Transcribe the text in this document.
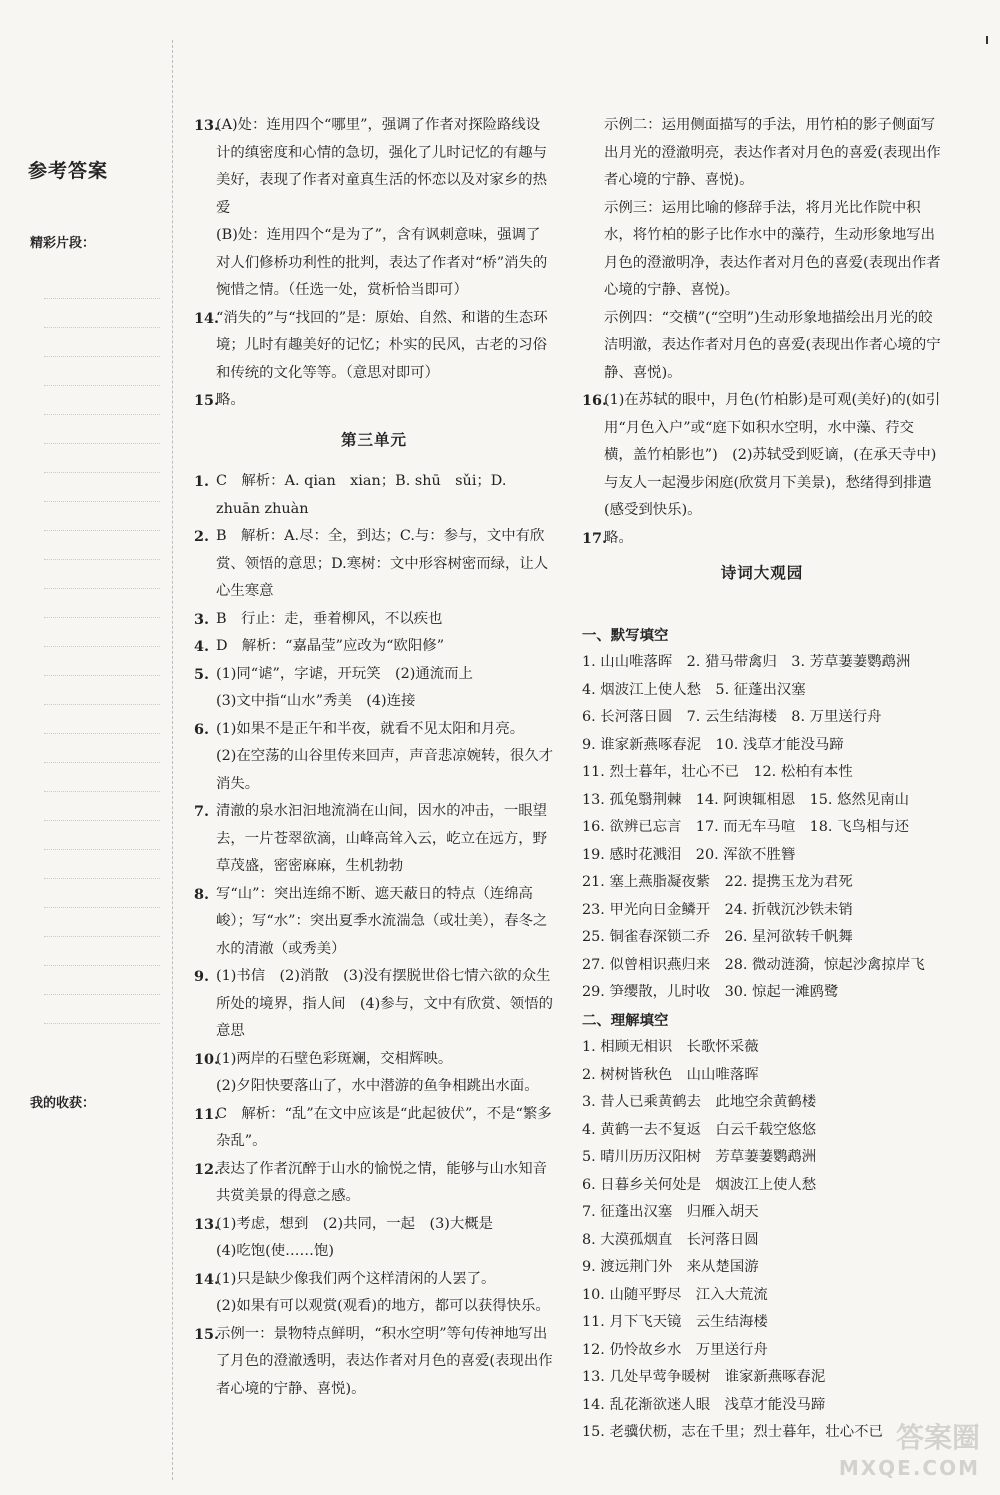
参考答案
精彩片段：
我的收获：
13.
(A)处：连用四个“哪里”，强调了作者对探险路线设计的缜密度和心情的急切，强化了儿时记忆的有趣与美好，表现了作者对童真生活的怀恋以及对家乡的热爱
(B)处：连用四个“是为了”，含有讽刺意味，强调了对人们修桥功利性的批判，表达了作者对“桥”消失的惋惜之情。（任选一处，赏析恰当即可）
14.
“消失的”与“找回的”是：原始、自然、和谐的生态环境；儿时有趣美好的记忆；朴实的民风，古老的习俗和传统的文化等等。（意思对即可）
15.
略。
第三单元
1. C　解析：A. qian　xian；B. shū　sǔi；D. zhuān zhuàn
2. B　解析：A.尽：全，到达；C.与：参与，文中有欣赏、领悟的意思；D.寒树：文中形容树密而绿，让人心生寒意
3. B　行止：走，垂着柳风，不以疾也
4. D　解析：“嘉晶莹”应改为“欧阳修”
5. (1)同“谑”，字谑，开玩笑　(2)通流而上
(3)文中指“山水”秀美　(4)连接
6. (1)如果不是正午和半夜，就看不见太阳和月亮。
(2)在空荡的山谷里传来回声，声音悲凉婉转，很久才消失。
7. 清澈的泉水汩汩地流淌在山间，因水的冲击，一眼望去，一片苍翠欲滴，山峰高耸入云，屹立在远方，野草茂盛，密密麻麻，生机勃勃
8. 写“山”：突出连绵不断、遮天蔽日的特点（连绵高峻）；写“水”：突出夏季水流湍急（或壮美），春冬之水的清澈（或秀美）
9. (1)书信　(2)消散　(3)没有摆脱世俗七情六欲的众生所处的境界，指人间　(4)参与，文中有欣赏、领悟的意思
10.
(1)两岸的石壁色彩斑斓，交相辉映。
(2)夕阳快要落山了，水中潜游的鱼争相跳出水面。
11.
C　解析：“乱”在文中应该是“此起彼伏”，不是“繁多杂乱”。
12.
表达了作者沉醉于山水的愉悦之情，能够与山水知音共赏美景的得意之感。
13.
(1)考虑，想到　(2)共同，一起　(3)大概是
(4)吃饱(使……饱)
14.
(1)只是缺少像我们两个这样清闲的人罢了。
(2)如果有可以观赏(观看)的地方，都可以获得快乐。
15.
示例一：景物特点鲜明，“积水空明”等句传神地写出了月色的澄澈透明，表达作者对月色的喜爱(表现出作者心境的宁静、喜悦)。
示例二：运用侧面描写的手法，用竹柏的影子侧面写出月光的澄澈明亮，表达作者对月色的喜爱(表现出作者心境的宁静、喜悦)。
示例三：运用比喻的修辞手法，将月光比作院中积水，将竹柏的影子比作水中的藻荇，生动形象地写出月色的澄澈明净，表达作者对月色的喜爱(表现出作者心境的宁静、喜悦)。
示例四：“交横”(“空明”)生动形象地描绘出月光的皎洁明澈，表达作者对月色的喜爱(表现出作者心境的宁静、喜悦)。
16.
(1)在苏轼的眼中，月色(竹柏影)是可观(美好)的(如引用“月色入户”或“庭下如积水空明，水中藻、荇交横，盖竹柏影也”)　(2)苏轼受到贬谪，(在承天寺中)与友人一起漫步闲庭(欣赏月下美景)，愁绪得到排遣(感受到快乐)。
17.
略。
诗词大观园
一、默写填空
1. 山山唯落晖　2. 猎马带禽归　3. 芳草萋萋鹦鹉洲
4. 烟波江上使人愁　5. 征蓬出汉塞
6. 长河落日圆　7. 云生结海楼　8. 万里送行舟
9. 谁家新燕啄春泥　10. 浅草才能没马蹄
11. 烈士暮年，壮心不已　12. 松柏有本性
13. 孤兔翳荆棘　14. 阿谀辄相恩　15. 悠然见南山
16. 欲辨已忘言　17. 而无车马喧　18. 飞鸟相与还
19. 感时花溅泪　20. 浑欲不胜簪
21. 塞上燕脂凝夜紫　22. 提携玉龙为君死
23. 甲光向日金鳞开　24. 折戟沉沙铁未销
25. 铜雀春深锁二乔　26. 星河欲转千帆舞
27. 似曾相识燕归来　28. 微动涟漪，惊起沙禽掠岸飞
29. 笋缨散，儿时收　30. 惊起一滩鸥鹭
二、理解填空
1. 相顾无相识　长歌怀采薇
2. 树树皆秋色　山山唯落晖
3. 昔人已乘黄鹤去　此地空余黄鹤楼
4. 黄鹤一去不复返　白云千载空悠悠
5. 晴川历历汉阳树　芳草萋萋鹦鹉洲
6. 日暮乡关何处是　烟波江上使人愁
7. 征蓬出汉塞　归雁入胡天
8. 大漠孤烟直　长河落日圆
9. 渡远荆门外　来从楚国游
10. 山随平野尽　江入大荒流
11. 月下飞天镜　云生结海楼
12. 仍怜故乡水　万里送行舟
13. 几处早莺争暖树　谁家新燕啄春泥
14. 乱花渐欲迷人眼　浅草才能没马蹄
15. 老骥伏枥，志在千里；烈士暮年，壮心不已 答案圈
MXQE.COM
